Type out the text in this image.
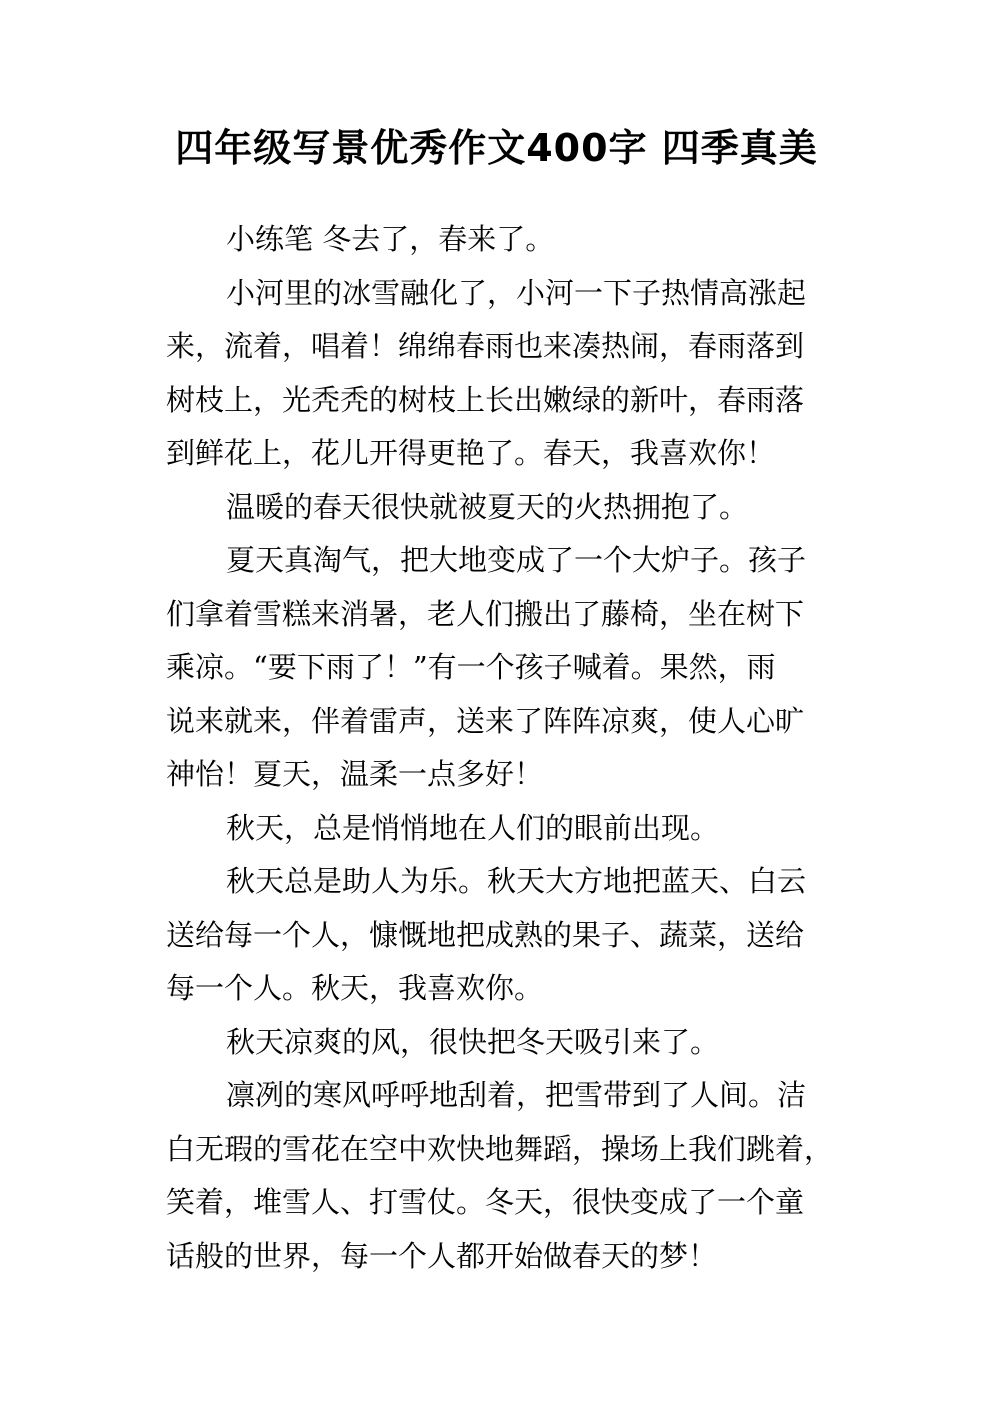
四年级写景优秀作文400字 四季真美

小练笔 冬去了，春来了。

小河里的冰雪融化了，小河一下子热情高涨起
来，流着，唱着！绵绵春雨也来凑热闹，春雨落到
树枝上，光秃秃的树枝上长出嫩绿的新叶，春雨落
到鲜花上，花儿开得更艳了。春天，我喜欢你！

温暖的春天很快就被夏天的火热拥抱了。

夏天真淘气，把大地变成了一个大炉子。孩子
们拿着雪糕来消暑，老人们搬出了藤椅，坐在树下
乘凉。“要下雨了！”有一个孩子喊着。果然，雨
说来就来，伴着雷声，送来了阵阵凉爽，使人心旷
神怡！夏天，温柔一点多好！

秋天，总是悄悄地在人们的眼前出现。

秋天总是助人为乐。秋天大方地把蓝天、白云
送给每一个人，慷慨地把成熟的果子、蔬菜，送给
每一个人。秋天，我喜欢你。

秋天凉爽的风，很快把冬天吸引来了。

凛冽的寒风呼呼地刮着，把雪带到了人间。洁
白无瑕的雪花在空中欢快地舞蹈，操场上我们跳着，
笑着，堆雪人、打雪仗。冬天，很快变成了一个童
话般的世界，每一个人都开始做春天的梦！
